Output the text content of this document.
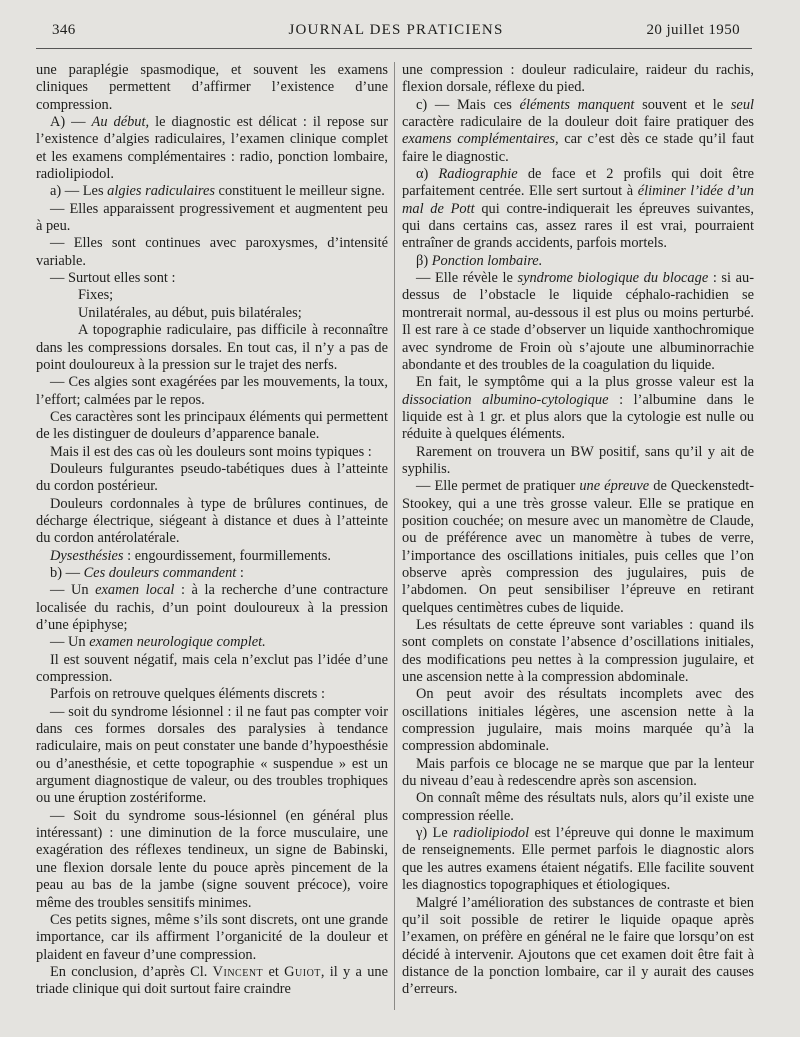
346	JOURNAL DES PRATICIENS	20 juillet 1950

une paraplégie spasmodique, et souvent les examens cliniques permettent d’affirmer l’existence d’une compression.

A) — Au début, le diagnostic est délicat : il repose sur l’existence d’algies radiculaires, l’examen clinique complet et les examens complémentaires : radio, ponction lombaire, radiolipiodol.

a) — Les algies radiculaires constituent le meilleur signe.

— Elles apparaissent progressivement et augmentent peu à peu.

— Elles sont continues avec paroxysmes, d’intensité variable.

— Surtout elles sont :

Fixes;

Unilatérales, au début, puis bilatérales;

A topographie radiculaire, pas difficile à reconnaître dans les compressions dorsales. En tout cas, il n’y a pas de point douloureux à la pression sur le trajet des nerfs.

— Ces algies sont exagérées par les mouvements, la toux, l’effort; calmées par le repos.

Ces caractères sont les principaux éléments qui permettent de les distinguer de douleurs d’apparence banale.

Mais il est des cas où les douleurs sont moins typiques :

Douleurs fulgurantes pseudo-tabétiques dues à l’atteinte du cordon postérieur.

Douleurs cordonnales à type de brûlures continues, de décharge électrique, siégeant à distance et dues à l’atteinte du cordon antérolatérale.

Dysesthésies : engourdissement, fourmillements.

b) — Ces douleurs commandent :

— Un examen local : à la recherche d’une contracture localisée du rachis, d’un point douloureux à la pression d’une épiphyse;

— Un examen neurologique complet.

Il est souvent négatif, mais cela n’exclut pas l’idée d’une compression.

Parfois on retrouve quelques éléments discrets :

— soit du syndrome lésionnel : il ne faut pas compter voir dans ces formes dorsales des paralysies à tendance radiculaire, mais on peut constater une bande d’hypoesthésie ou d’anesthésie, et cette topographie « suspendue » est un argument diagnostique de valeur, ou des troubles trophiques ou une éruption zostériforme.

— Soit du syndrome sous-lésionnel (en général plus intéressant) : une diminution de la force musculaire, une exagération des réflexes tendineux, un signe de Babinski, une flexion dorsale lente du pouce après pincement de la peau au bas de la jambe (signe souvent précoce), voire même des troubles sensitifs minimes.

Ces petits signes, même s’ils sont discrets, ont une grande importance, car ils affirment l’organicité de la douleur et plaident en faveur d’une compression.

En conclusion, d’après Cl. Vincent et Guiot, il y a une triade clinique qui doit surtout faire craindre

une compression : douleur radiculaire, raideur du rachis, flexion dorsale, réflexe du pied.

c) — Mais ces éléments manquent souvent et le seul caractère radiculaire de la douleur doit faire pratiquer des examens complémentaires, car c’est dès ce stade qu’il faut faire le diagnostic.

α) Radiographie de face et 2 profils qui doit être parfaitement centrée. Elle sert surtout à éliminer l’idée d’un mal de Pott qui contre-indiquerait les épreuves suivantes, qui dans certains cas, assez rares il est vrai, pourraient entraîner de grands accidents, parfois mortels.

β) Ponction lombaire.

— Elle révèle le syndrome biologique du blocage : si au-dessus de l’obstacle le liquide céphalo-rachidien se montrerait normal, au-dessous il est plus ou moins perturbé. Il est rare à ce stade d’observer un liquide xanthochromique avec syndrome de Froin où s’ajoute une albuminorrachie abondante et des troubles de la coagulation du liquide.

En fait, le symptôme qui a la plus grosse valeur est la dissociation albumino-cytologique : l’albumine dans le liquide est à 1 gr. et plus alors que la cytologie est nulle ou réduite à quelques éléments.

Rarement on trouvera un BW positif, sans qu’il y ait de syphilis.

— Elle permet de pratiquer une épreuve de Queckenstedt-Stookey, qui a une très grosse valeur. Elle se pratique en position couchée; on mesure avec un manomètre de Claude, ou de préférence avec un manomètre à tubes de verre, l’importance des oscillations initiales, puis celles que l’on observe après compression des jugulaires, puis de l’abdomen. On peut sensibiliser l’épreuve en retirant quelques centimètres cubes de liquide.

Les résultats de cette épreuve sont variables : quand ils sont complets on constate l’absence d’oscillations initiales, des modifications peu nettes à la compression jugulaire, et une ascension nette à la compression abdominale.

On peut avoir des résultats incomplets avec des oscillations initiales légères, une ascension nette à la compression jugulaire, mais moins marquée qu’à la compression abdominale.

Mais parfois ce blocage ne se marque que par la lenteur du niveau d’eau à redescendre après son ascension.

On connaît même des résultats nuls, alors qu’il existe une compression réelle.

γ) Le radiolipiodol est l’épreuve qui donne le maximum de renseignements. Elle permet parfois le diagnostic alors que les autres examens étaient négatifs. Elle facilite souvent les diagnostics topographiques et étiologiques.

Malgré l’amélioration des substances de contraste et bien qu’il soit possible de retirer le liquide opaque après l’examen, on préfère en général ne le faire que lorsqu’on est décidé à intervenir. Ajoutons que cet examen doit être fait à distance de la ponction lombaire, car il y aurait des causes d’erreurs.
